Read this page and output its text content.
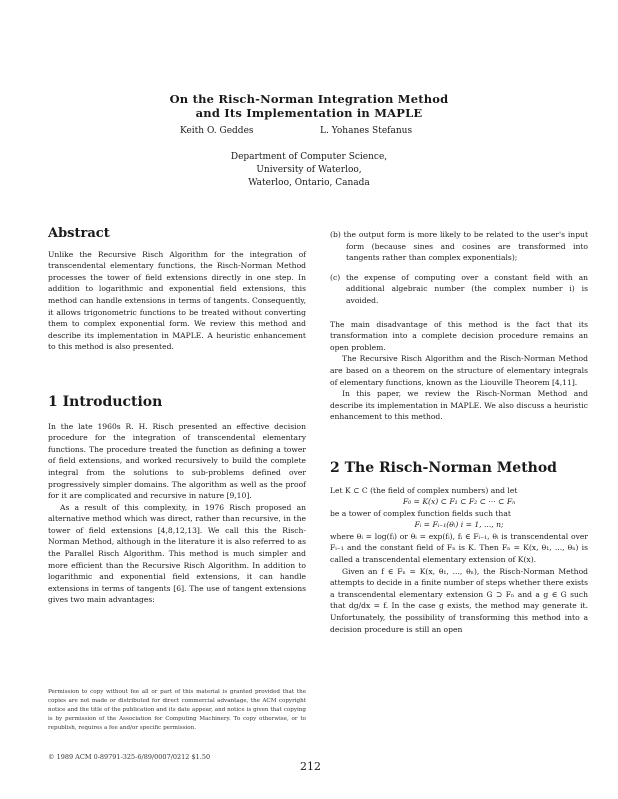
On the Risch-Norman Integration Method
and Its Implementation in MAPLE
Keith O. Geddes	L. Yohanes Stefanus
Department of Computer Science,
University of Waterloo,
Waterloo, Ontario, Canada
Abstract

Unlike the Recursive Risch Algorithm for the integration of transcendental elementary functions, the Risch-Norman Method processes the tower of field extensions directly in one step. In addition to logarithmic and exponential field extensions, this method can handle extensions in terms of tangents. Consequently, it allows trigonometric functions to be treated without converting them to complex exponential form. We review this method and describe its implementation in MAPLE. A heuristic enhancement to this method is also presented.

1 Introduction

In the late 1960s R. H. Risch presented an effective decision procedure for the integration of transcendental elementary functions. The procedure treated the function as defining a tower of field extensions, and worked recursively to build the complete integral from the solutions to sub-problems defined over progressively simpler domains. The algorithm as well as the proof for it are complicated and recursive in nature [9,10].

As a result of this complexity, in 1976 Risch proposed an alternative method which was direct, rather than recursive, in the tower of field extensions [4,8,12,13]. We call this the Risch-Norman Method, although in the literature it is also referred to as the Parallel Risch Algorithm. This method is much simpler and more efficient than the Recursive Risch Algorithm. In addition to logarithmic and exponential field extensions, it can handle extensions in terms of tangents [6]. The use of tangent extensions gives two main advantages:

Permission to copy without fee all or part of this material is granted provided that the copies are not made or distributed for direct commercial advantage, the ACM copyright notice and the title of the publication and its date appear, and notice is given that copying is by permission of the Association for Computing Machinery. To copy otherwise, or to republish, requires a fee and/or specific permission.
© 1989 ACM 0-89791-325-6/89/0007/0212 $1.50
212

(b) the output form is more likely to be related to the user's input form (because sines and cosines are transformed into tangents rather than complex exponentials);

(c) the expense of computing over a constant field with an additional algebraic number (the complex number i) is avoided.

The main disadvantage of this method is the fact that its transformation into a complete decision procedure remains an open problem.

The Recursive Risch Algorithm and the Risch-Norman Method are based on a theorem on the structure of elementary integrals of elementary functions, known as the Liouville Theorem [4,11].

In this paper, we review the Risch-Norman Method and describe its implementation in MAPLE. We also discuss a heuristic enhancement to this method.

2 The Risch-Norman Method

Let K ⊂ C (the field of complex numbers) and let

F₀ = K(x) ⊂ F₁ ⊂ F₂ ⊂ ··· ⊂ Fₙ

be a tower of complex function fields such that

Fᵢ = Fᵢ₋₁(θᵢ) i = 1, ..., n;

where θᵢ = log(fᵢ) or θᵢ = exp(fᵢ), fᵢ ∈ Fᵢ₋₁, θᵢ is transcendental over Fᵢ₋₁ and the constant field of Fₙ is K. Then Fₙ = K(x, θ₁, ..., θₙ) is called a transcendental elementary extension of K(x).

Given an f ∈ Fₙ = K(x, θ₁, ..., θₙ), the Risch-Norman Method attempts to decide in a finite number of steps whether there exists a transcendental elementary extension G ⊃ Fₙ and a g ∈ G such that dg/dx = f. In the case g exists, the method may generate it. Unfortunately, the possibility of transforming this method into a decision procedure is still an open
